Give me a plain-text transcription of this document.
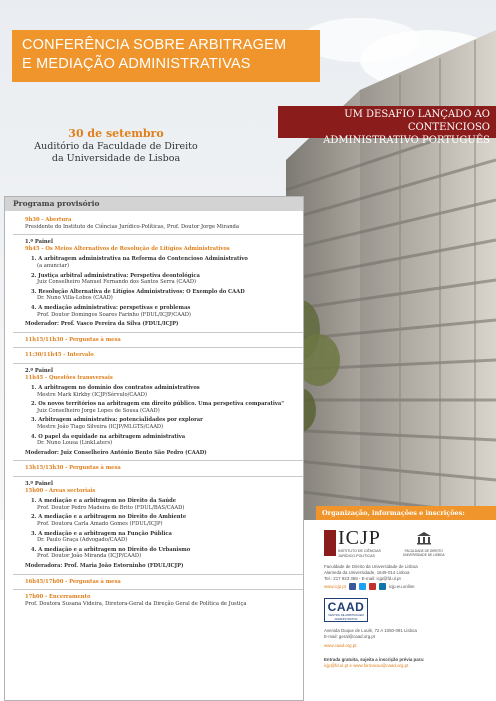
CONFERÊNCIA SOBRE ARBITRAGEM
E MEDIAÇÃO ADMINISTRATIVAS
UM DESAFIO LANÇADO AO CONTENCIOSO
ADMINISTRATIVO PORTUGUÊS
30 de setembro
Auditório da Faculdade de Direito
da Universidade de Lisboa
Programa provisório
9h30 - Abertura
Presidente do Instituto de Ciências Jurídico-Políticas, Prof. Doutor Jorge Miranda
1.º Painel
9h45 - Os Meios Alternativos de Resolução de Litígios Administrativos
1. A arbitragem administrativa na Reforma do Contencioso Administrativo
(a anunciar)
2. Justiça arbitral administrativa: Perspetiva deontológica
Juiz Conselheiro Manuel Fernando dos Santos Serra (CAAD)
3. Resolução Alternativa de Litígios Administrativos: O Exemplo do CAAD
Dr. Nuno Villa-Lobos (CAAD)
4. A mediação administrativa: perspetivas e problemas
Prof. Doutor Domingos Soares Farinho (FDUL/ICJP/CAAD)
Moderador: Prof. Vasco Pereira da Silva (FDUL/ICJP)
11h15/11h30 - Perguntas à mesa
11:30/11h45 - Intervalo
2.º Painel
11h45 - Questões transversais
1. A arbitragem no domínio dos contratos administrativos
Mestre Mark Kirkby (ICJP/Sérvulo/CAAD)
2. Os novos territórios na arbitragem em direito público. Uma perspetiva comparativa"
Juiz Conselheiro Jorge Lopes de Sousa (CAAD)
3. Arbitragem administrativa: potencialidades por explorar
Mestre João Tiago Silveira (ICJP/MLGTS/CAAD)
4. O papel da equidade na arbitragem administrativa
Dr. Nuno Lousa (LinkLaters)
Moderador: Juiz Conselheiro António Bento São Pedro (CAAD)
13h15/13h30 - Perguntas à mesa
3.º Painel
15h00 - Áreas sectoriais
1. A mediação e a arbitragem no Direito da Saúde
Prof. Doutor Pedro Madeira de Brito (FDUL/BAS/CAAD)
2. A mediação e a arbitragem no Direito do Ambiente
Prof. Doutora Carla Amado Gomes (FDUL/ICJP)
3. A mediação e a arbitragem na Função Pública
Dr. Paulo Graça (Advogado/CAAD)
4. A mediação e a arbitragem no Direito do Urbanismo
Prof. Doutor João Miranda (ICJP/CAAD)
Moderadora: Prof. Maria João Estorninho (FDUL/ICJP)
16h45/17h00 - Perguntas à mesa
17h00 - Encerramento
Prof. Doutora Susana Videira, Diretora-Geral da Direção Geral de Política de Justiça
Organização, informações e inscrições:
ICJP
INSTITUTO DE CIÊNCIAS
JURÍDICO-POLÍTICAS
FACULDADE DE DIREITO
UNIVERSIDADE DE LISBOA
Faculdade de Direito da Universidade de Lisboa
Alameda da Universidade, 1649-014 Lisboa
Tel.: 217 923 368 - E-mail: icjp@fd.ul.pt
www.icjp.pt	icjp.eu.online
CAAD
CENTRO DE ARBITRAGEM ADMINISTRATIVA
Avenida Duque de Loulé, 72 A 1050-091 Lisboa
E-mail: geral@caad.org.pt
www.caad.org.pt
Entrada gratuita, sujeita a inscrição prévia para:
icjp@fd.ul.pt e www.formacao@caad.org.pt
